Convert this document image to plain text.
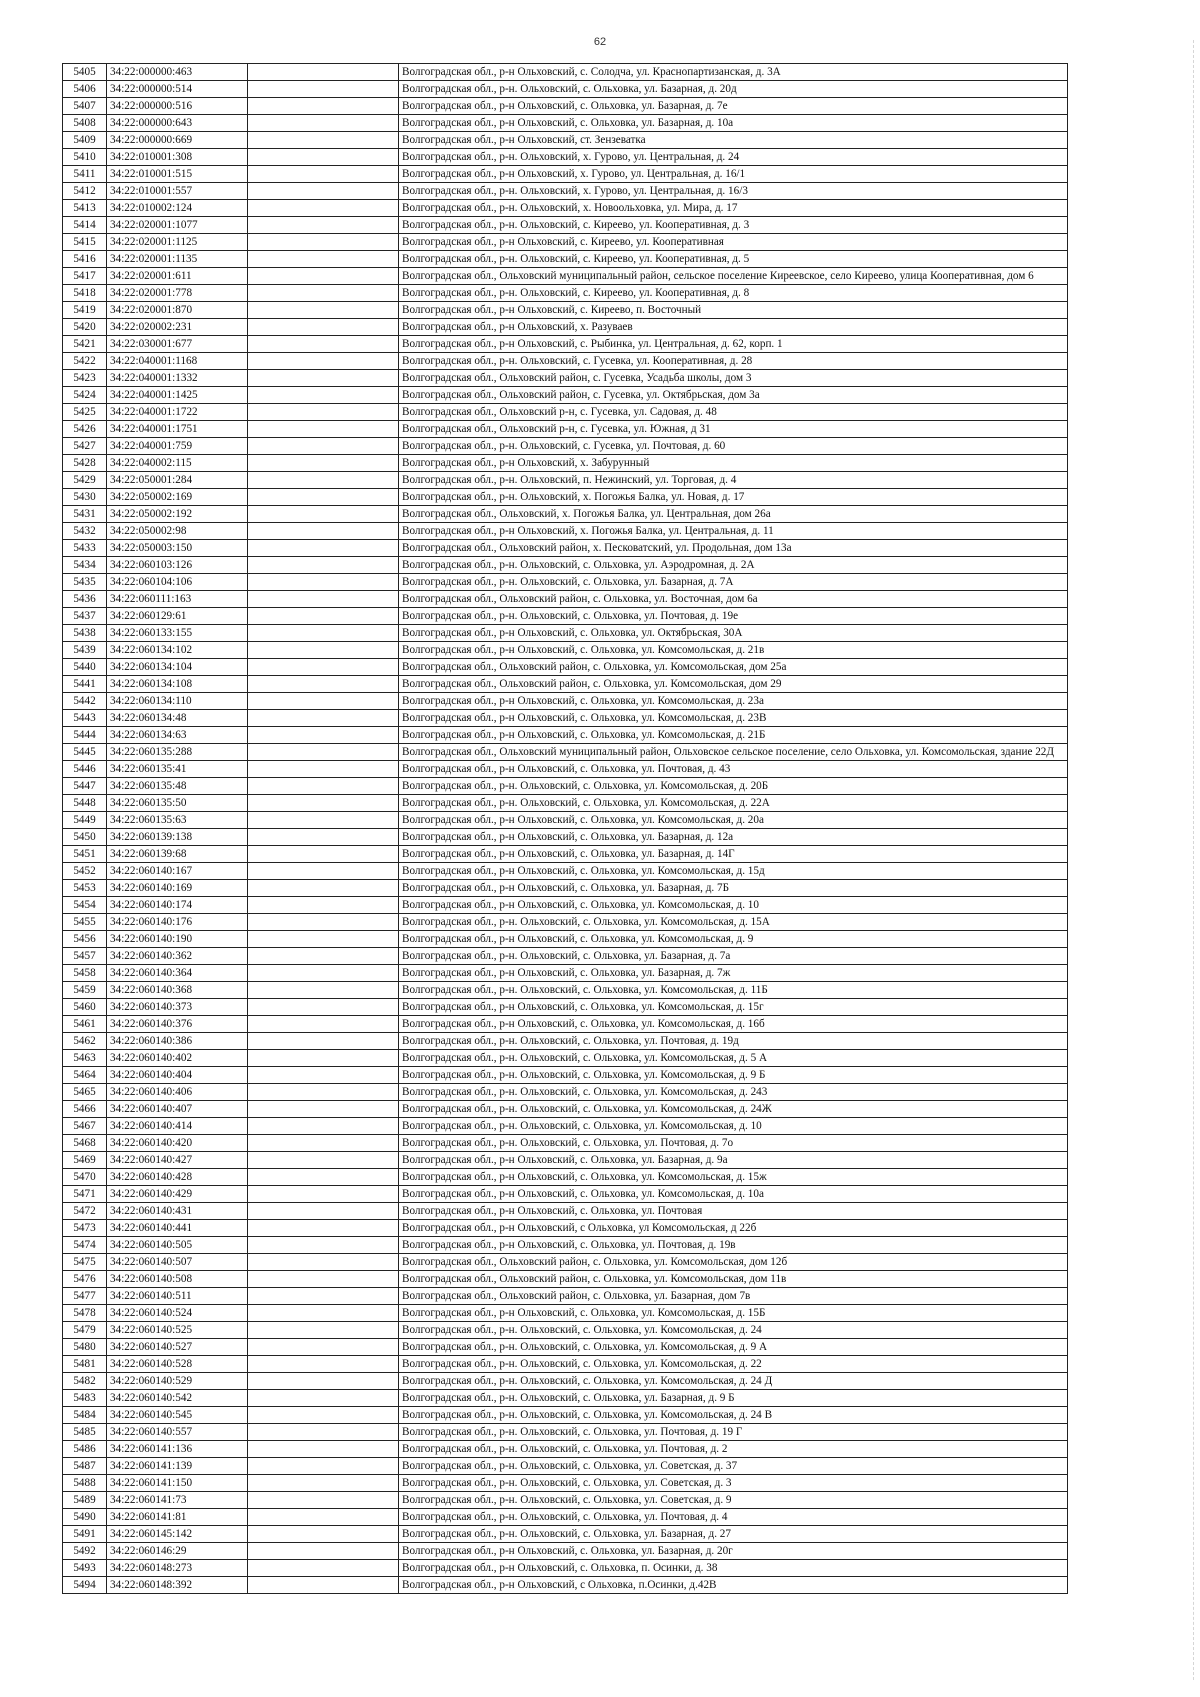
62
5405	34:22:000000:463		Волгоградская обл., р-н Ольховский, с. Солодча, ул. Краснопартизанская, д. 3А
5406	34:22:000000:514		Волгоградская обл., р-н. Ольховский, с. Ольховка, ул. Базарная, д. 20д
5407	34:22:000000:516		Волгоградская обл., р-н Ольховский, с. Ольховка, ул. Базарная, д. 7е
5408	34:22:000000:643		Волгоградская обл., р-н Ольховский, с. Ольховка, ул. Базарная, д. 10а
5409	34:22:000000:669		Волгоградская обл., р-н Ольховский, ст. Зензеватка
5410	34:22:010001:308		Волгоградская обл., р-н. Ольховский, х. Гурово, ул. Центральная, д. 24
5411	34:22:010001:515		Волгоградская обл., р-н Ольховский, х. Гурово, ул. Центральная, д. 16/1
5412	34:22:010001:557		Волгоградская обл., р-н. Ольховский, х. Гурово, ул. Центральная, д. 16/3
5413	34:22:010002:124		Волгоградская обл., р-н. Ольховский, х. Новоольховка, ул. Мира, д. 17
5414	34:22:020001:1077		Волгоградская обл., р-н. Ольховский, с. Киреево, ул. Кооперативная, д. 3
5415	34:22:020001:1125		Волгоградская обл., р-н Ольховский, с. Киреево, ул. Кооперативная
5416	34:22:020001:1135		Волгоградская обл., р-н. Ольховский, с. Киреево, ул. Кооперативная, д. 5
5417	34:22:020001:611		Волгоградская обл., Ольховский муниципальный район, сельское поселение Киреевское, село Киреево, улица Кооперативная, дом 6
5418	34:22:020001:778		Волгоградская обл., р-н. Ольховский, с. Киреево, ул. Кооперативная, д. 8
5419	34:22:020001:870		Волгоградская обл., р-н Ольховский, с. Киреево, п. Восточный
5420	34:22:020002:231		Волгоградская обл., р-н Ольховский, х. Разуваев
5421	34:22:030001:677		Волгоградская обл., р-н Ольховский, с. Рыбинка, ул. Центральная, д. 62, корп. 1
5422	34:22:040001:1168		Волгоградская обл., р-н. Ольховский, с. Гусевка, ул. Кооперативная, д. 28
5423	34:22:040001:1332		Волгоградская обл., Ольховский район, с. Гусевка, Усадьба школы, дом 3
5424	34:22:040001:1425		Волгоградская обл., Ольховский район, с. Гусевка, ул. Октябрьская, дом 3а
5425	34:22:040001:1722		Волгоградская обл., Ольховский р-н, с. Гусевка, ул. Садовая, д. 48
5426	34:22:040001:1751		Волгоградская обл., Ольховский р-н, с. Гусевка, ул. Южная, д 31
5427	34:22:040001:759		Волгоградская обл., р-н. Ольховский, с. Гусевка, ул. Почтовая, д. 60
5428	34:22:040002:115		Волгоградская обл., р-н Ольховский, х. Забурунный
5429	34:22:050001:284		Волгоградская обл., р-н. Ольховский, п. Нежинский, ул. Торговая, д. 4
5430	34:22:050002:169		Волгоградская обл., р-н. Ольховский, х. Погожья Балка, ул. Новая, д. 17
5431	34:22:050002:192		Волгоградская обл., Ольховский, х. Погожья Балка, ул. Центральная, дом 26а
5432	34:22:050002:98		Волгоградская обл., р-н Ольховский, х. Погожья Балка, ул. Центральная, д. 11
5433	34:22:050003:150		Волгоградская обл., Ольховский район, х. Песковатский, ул. Продольная, дом 13а
5434	34:22:060103:126		Волгоградская обл., р-н. Ольховский, с. Ольховка, ул. Аэродромная, д. 2А
5435	34:22:060104:106		Волгоградская обл., р-н. Ольховский, с. Ольховка, ул. Базарная, д. 7А
5436	34:22:060111:163		Волгоградская обл., Ольховский район, с. Ольховка, ул. Восточная, дом 6а
5437	34:22:060129:61		Волгоградская обл., р-н. Ольховский, с. Ольховка, ул. Почтовая, д. 19е
5438	34:22:060133:155		Волгоградская обл., р-н Ольховский, с. Ольховка, ул. Октябрьская, 30А
5439	34:22:060134:102		Волгоградская обл., р-н Ольховский, с. Ольховка, ул. Комсомольская, д. 21в
5440	34:22:060134:104		Волгоградская обл., Ольховский район, с. Ольховка, ул. Комсомольская, дом 25а
5441	34:22:060134:108		Волгоградская обл., Ольховский район, с. Ольховка, ул. Комсомольская, дом 29
5442	34:22:060134:110		Волгоградская обл., р-н Ольховский, с. Ольховка, ул. Комсомольская, д. 23а
5443	34:22:060134:48		Волгоградская обл., р-н Ольховский, с. Ольховка, ул. Комсомольская, д. 23В
5444	34:22:060134:63		Волгоградская обл., р-н Ольховский, с. Ольховка, ул. Комсомольская, д. 21Б
5445	34:22:060135:288		Волгоградская обл., Ольховский муниципальный район, Ольховское сельское поселение, село Ольховка, ул. Комсомольская, здание 22Д
5446	34:22:060135:41		Волгоградская обл., р-н Ольховский, с. Ольховка, ул. Почтовая, д. 43
5447	34:22:060135:48		Волгоградская обл., р-н. Ольховский, с. Ольховка, ул. Комсомольская, д. 20Б
5448	34:22:060135:50		Волгоградская обл., р-н. Ольховский, с. Ольховка, ул. Комсомольская, д. 22А
5449	34:22:060135:63		Волгоградская обл., р-н Ольховский, с. Ольховка, ул. Комсомольская, д. 20а
5450	34:22:060139:138		Волгоградская обл., р-н Ольховский, с. Ольховка, ул. Базарная, д. 12а
5451	34:22:060139:68		Волгоградская обл., р-н Ольховский, с. Ольховка, ул. Базарная, д. 14Г
5452	34:22:060140:167		Волгоградская обл., р-н Ольховский, с. Ольховка, ул. Комсомольская, д. 15д
5453	34:22:060140:169		Волгоградская обл., р-н Ольховский, с. Ольховка, ул. Базарная, д. 7Б
5454	34:22:060140:174		Волгоградская обл., р-н Ольховский, с. Ольховка, ул. Комсомольская, д. 10
5455	34:22:060140:176		Волгоградская обл., р-н. Ольховский, с. Ольховка, ул. Комсомольская, д. 15А
5456	34:22:060140:190		Волгоградская обл., р-н Ольховский, с. Ольховка, ул. Комсомольская, д. 9
5457	34:22:060140:362		Волгоградская обл., р-н. Ольховский, с. Ольховка, ул. Базарная, д. 7а
5458	34:22:060140:364		Волгоградская обл., р-н Ольховский, с. Ольховка, ул. Базарная, д. 7ж
5459	34:22:060140:368		Волгоградская обл., р-н. Ольховский, с. Ольховка, ул. Комсомольская, д. 11Б
5460	34:22:060140:373		Волгоградская обл., р-н Ольховский, с. Ольховка, ул. Комсомольская, д. 15г
5461	34:22:060140:376		Волгоградская обл., р-н Ольховский, с. Ольховка, ул. Комсомольская, д. 16б
5462	34:22:060140:386		Волгоградская обл., р-н. Ольховский, с. Ольховка, ул. Почтовая, д. 19д
5463	34:22:060140:402		Волгоградская обл., р-н. Ольховский, с. Ольховка, ул. Комсомольская, д. 5 А
5464	34:22:060140:404		Волгоградская обл., р-н. Ольховский, с. Ольховка, ул. Комсомольская, д. 9 Б
5465	34:22:060140:406		Волгоградская обл., р-н. Ольховский, с. Ольховка, ул. Комсомольская, д. 243
5466	34:22:060140:407		Волгоградская обл., р-н. Ольховский, с. Ольховка, ул. Комсомольская, д. 24Ж
5467	34:22:060140:414		Волгоградская обл., р-н. Ольховский, с. Ольховка, ул. Комсомольская, д. 10
5468	34:22:060140:420		Волгоградская обл., р-н. Ольховский, с. Ольховка, ул. Почтовая, д. 7о
5469	34:22:060140:427		Волгоградская обл., р-н Ольховский, с. Ольховка, ул. Базарная, д. 9а
5470	34:22:060140:428		Волгоградская обл., р-н Ольховский, с. Ольховка, ул. Комсомольская, д. 15ж
5471	34:22:060140:429		Волгоградская обл., р-н Ольховский, с. Ольховка, ул. Комсомольская, д. 10а
5472	34:22:060140:431		Волгоградская обл., р-н Ольховский, с. Ольховка, ул. Почтовая
5473	34:22:060140:441		Волгоградская обл., р-н Ольховский, с Ольховка, ул Комсомольская, д 22б
5474	34:22:060140:505		Волгоградская обл., р-н Ольховский, с. Ольховка, ул. Почтовая, д. 19в
5475	34:22:060140:507		Волгоградская обл., Ольховский район, с. Ольховка, ул. Комсомольская, дом 12б
5476	34:22:060140:508		Волгоградская обл., Ольховский район, с. Ольховка, ул. Комсомольская, дом 11в
5477	34:22:060140:511		Волгоградская обл., Ольховский район, с. Ольховка, ул. Базарная, дом 7в
5478	34:22:060140:524		Волгоградская обл., р-н Ольховский, с. Ольховка, ул. Комсомольская, д. 15Б
5479	34:22:060140:525		Волгоградская обл., р-н. Ольховский, с. Ольховка, ул. Комсомольская, д. 24
5480	34:22:060140:527		Волгоградская обл., р-н. Ольховский, с. Ольховка, ул. Комсомольская, д. 9 А
5481	34:22:060140:528		Волгоградская обл., р-н. Ольховский, с. Ольховка, ул. Комсомольская, д. 22
5482	34:22:060140:529		Волгоградская обл., р-н. Ольховский, с. Ольховка, ул. Комсомольская, д. 24 Д
5483	34:22:060140:542		Волгоградская обл., р-н. Ольховский, с. Ольховка, ул. Базарная, д. 9 Б
5484	34:22:060140:545		Волгоградская обл., р-н. Ольховский, с. Ольховка, ул. Комсомольская, д. 24 В
5485	34:22:060140:557		Волгоградская обл., р-н. Ольховский, с. Ольховка, ул. Почтовая, д. 19 Г
5486	34:22:060141:136		Волгоградская обл., р-н. Ольховский, с. Ольховка, ул. Почтовая, д. 2
5487	34:22:060141:139		Волгоградская обл., р-н. Ольховский, с. Ольховка, ул. Советская, д. 37
5488	34:22:060141:150		Волгоградская обл., р-н. Ольховский, с. Ольховка, ул. Советская, д. 3
5489	34:22:060141:73		Волгоградская обл., р-н. Ольховский, с. Ольховка, ул. Советская, д. 9
5490	34:22:060141:81		Волгоградская обл., р-н. Ольховский, с. Ольховка, ул. Почтовая, д. 4
5491	34:22:060145:142		Волгоградская обл., р-н. Ольховский, с. Ольховка, ул. Базарная, д. 27
5492	34:22:060146:29		Волгоградская обл., р-н Ольховский, с. Ольховка, ул. Базарная, д. 20г
5493	34:22:060148:273		Волгоградская обл., р-н Ольховский, с. Ольховка, п. Осинки, д. 38
5494	34:22:060148:392		Волгоградская обл., р-н Ольховский, с Ольховка, п.Осинки, д.42В
